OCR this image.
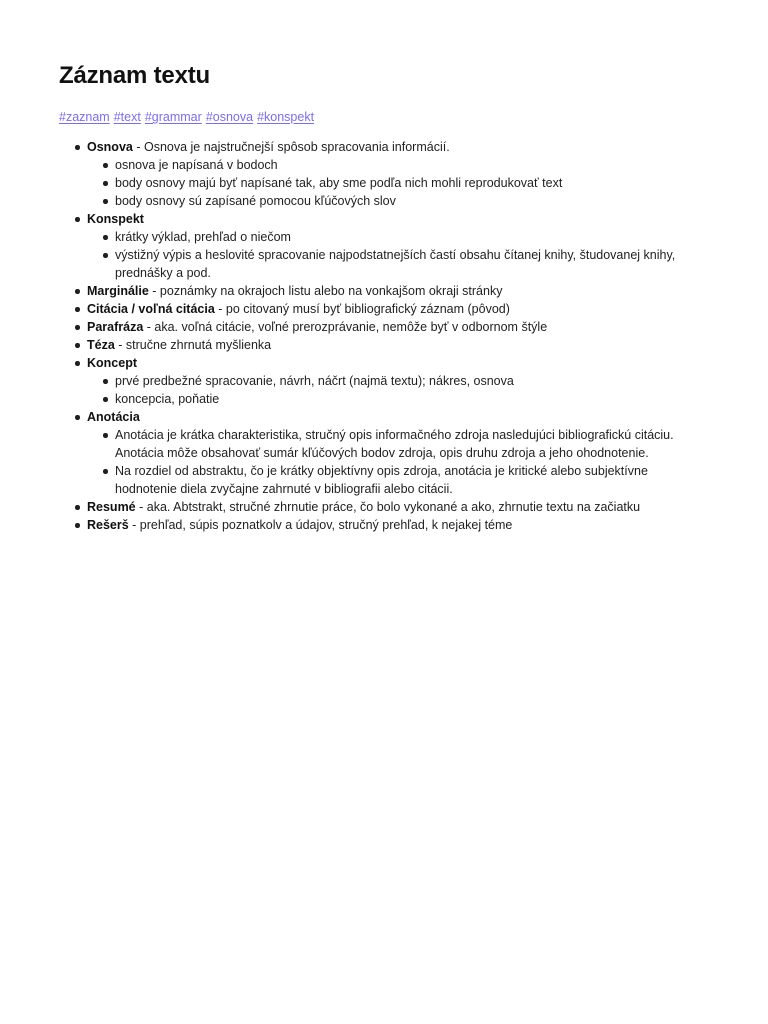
Záznam textu
#zaznam #text #grammar #osnova #konspekt
Osnova - Osnova je najstručnejší spôsob spracovania informácií.
osnova je napísaná v bodoch
body osnovy majú byť napísané tak, aby sme podľa nich mohli reprodukovať text
body osnovy sú zapísané pomocou kľúčových slov
Konspekt
krátky výklad, prehľad o niečom
výstižný výpis a heslovité spracovanie najpodstatnejších častí obsahu čítanej knihy, študovanej knihy, prednášky a pod.
Marginálie - poznámky na okrajoch listu alebo na vonkajšom okraji stránky
Citácia / voľná citácia - po citovaný musí byť bibliografický záznam (pôvod)
Parafráza - aka. voľná citácie, voľné prerozprávanie, nemôže byť v odbornom štýle
Téza - stručne zhrnutá myšlienka
Koncept
prvé predbežné spracovanie, návrh, náčrt (najmä textu); nákres, osnova
koncepcia, poňatie
Anotácia
Anotácia je krátka charakteristika, stručný opis informačného zdroja nasledujúci bibliografickú citáciu. Anotácia môže obsahovať sumár kľúčových bodov zdroja, opis druhu zdroja a jeho ohodnotenie.
Na rozdiel od abstraktu, čo je krátky objektívny opis zdroja, anotácia je kritické alebo subjektívne hodnotenie diela zvyčajne zahrnuté v bibliografii alebo citácii.
Resumé - aka. Abtstrakt, stručné zhrnutie práce, čo bolo vykonané a ako, zhrnutie textu na začiatku
Rešerš - prehľad, súpis poznatkolv a údajov, stručný prehľad, k nejakej téme
